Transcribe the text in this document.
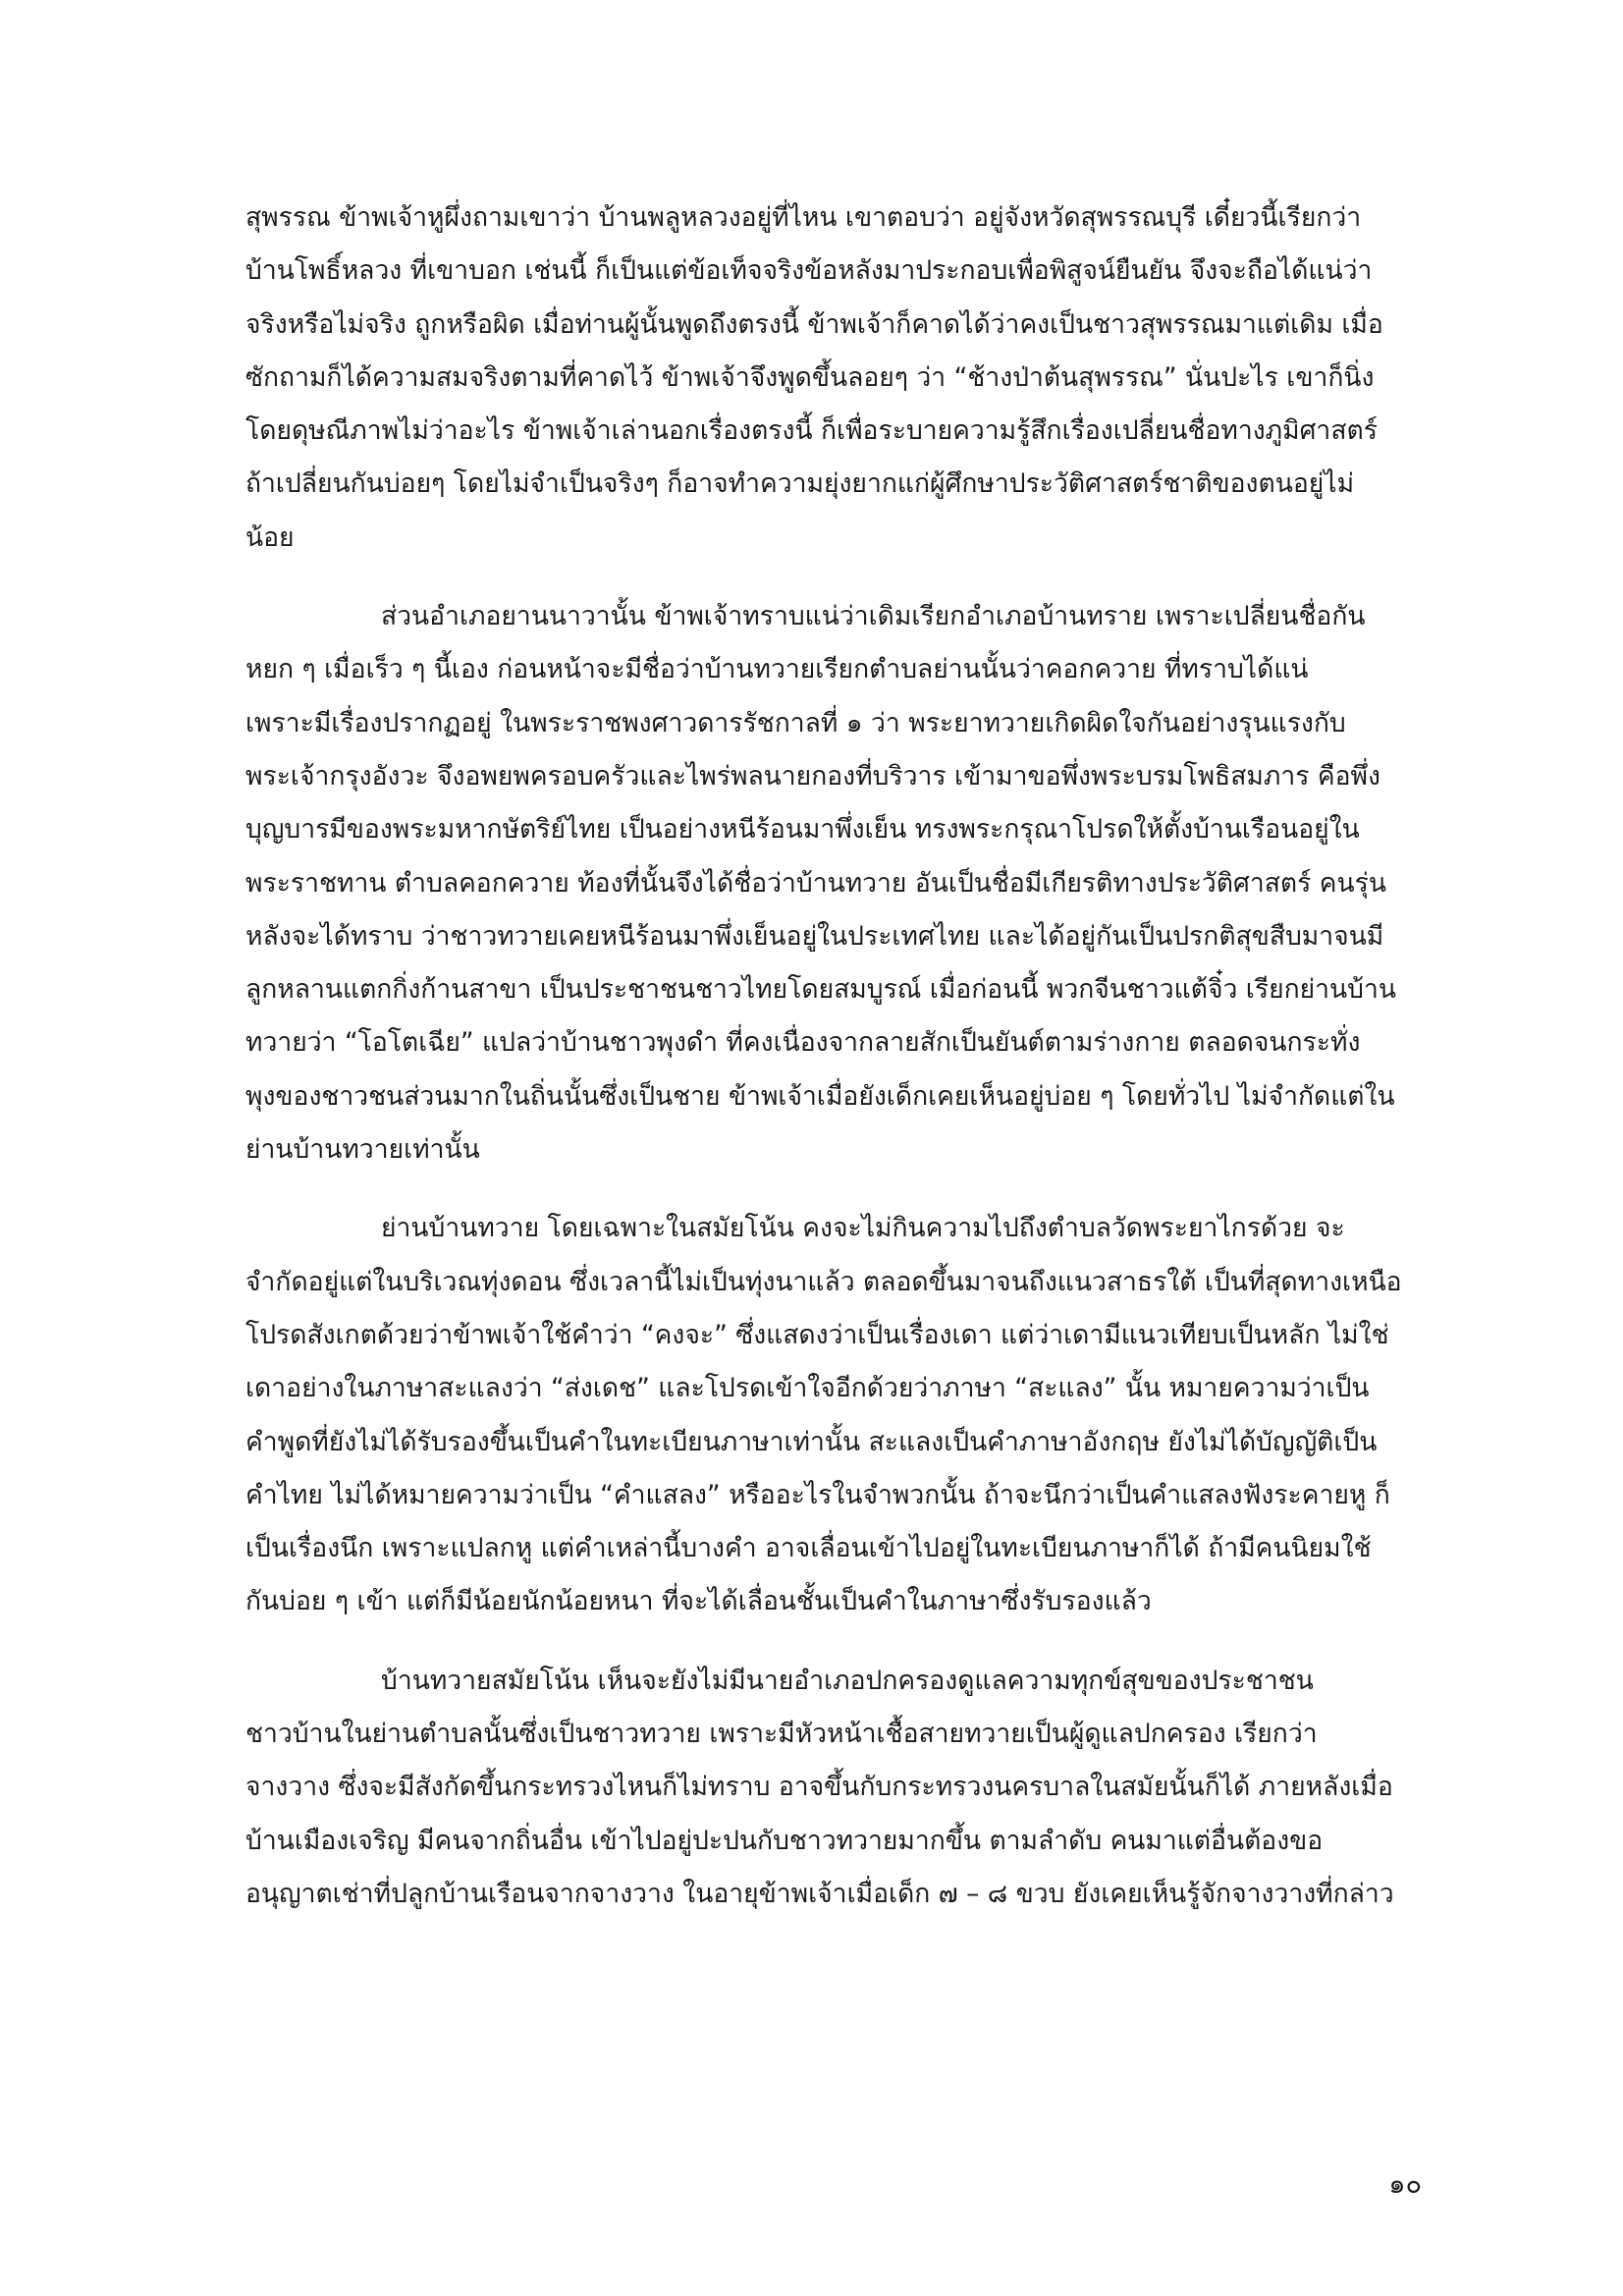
สุพรรณ ข้าพเจ้าหูผึ่งถามเขาว่า บ้านพลูหลวงอยู่ที่ไหน เขาตอบว่า อยู่จังหวัดสุพรรณบุรี เดี๋ยวนี้เรียกว่า
บ้านโพธิ์หลวง ที่เขาบอก เช่นนี้ ก็เป็นแต่ข้อเท็จจริงข้อหลังมาประกอบเพื่อพิสูจน์ยืนยัน จึงจะถือได้แน่ว่า
จริงหรือไม่จริง ถูกหรือผิด เมื่อท่านผู้นั้นพูดถึงตรงนี้ ข้าพเจ้าก็คาดได้ว่าคงเป็นชาวสุพรรณมาแต่เดิม เมื่อ
ซักถามก็ได้ความสมจริงตามที่คาดไว้ ข้าพเจ้าจึงพูดขึ้นลอยๆ ว่า “ช้างป่าต้นสุพรรณ” นั่นปะไร เขาก็นิ่ง
โดยดุษณีภาพไม่ว่าอะไร ข้าพเจ้าเล่านอกเรื่องตรงนี้ ก็เพื่อระบายความรู้สึกเรื่องเปลี่ยนชื่อทางภูมิศาสตร์
ถ้าเปลี่ยนกันบ่อยๆ โดยไม่จำเป็นจริงๆ ก็อาจทำความยุ่งยากแก่ผู้ศึกษาประวัติศาสตร์ชาติของตนอยู่ไม่
น้อย

ส่วนอำเภอยานนาวานั้น ข้าพเจ้าทราบแน่ว่าเดิมเรียกอำเภอบ้านทราย เพราะเปลี่ยนชื่อกัน
หยก ๆ เมื่อเร็ว ๆ นี้เอง ก่อนหน้าจะมีชื่อว่าบ้านทวายเรียกตำบลย่านนั้นว่าคอกควาย ที่ทราบได้แน่
เพราะมีเรื่องปรากฏอยู่ ในพระราชพงศาวดารรัชกาลที่ ๑ ว่า พระยาทวายเกิดผิดใจกันอย่างรุนแรงกับ
พระเจ้ากรุงอังวะ จึงอพยพครอบครัวและไพร่พลนายกองที่บริวาร เข้ามาขอพึ่งพระบรมโพธิสมภาร คือพึ่ง
บุญบารมีของพระมหากษัตริย์ไทย เป็นอย่างหนีร้อนมาพึ่งเย็น ทรงพระกรุณาโปรดให้ตั้งบ้านเรือนอยู่ใน
พระราชทาน ตำบลคอกควาย ท้องที่นั้นจึงได้ชื่อว่าบ้านทวาย อันเป็นชื่อมีเกียรติทางประวัติศาสตร์ คนรุ่น
หลังจะได้ทราบ ว่าชาวทวายเคยหนีร้อนมาพึ่งเย็นอยู่ในประเทศไทย และได้อยู่กันเป็นปรกติสุขสืบมาจนมี
ลูกหลานแตกกิ่งก้านสาขา เป็นประชาชนชาวไทยโดยสมบูรณ์ เมื่อก่อนนี้ พวกจีนชาวแต้จิ๋ว เรียกย่านบ้าน
ทวายว่า “โอโตเฉีย” แปลว่าบ้านชาวพุงดำ ที่คงเนื่องจากลายสักเป็นยันต์ตามร่างกาย ตลอดจนกระทั่ง
พุงของชาวชนส่วนมากในถิ่นนั้นซึ่งเป็นชาย ข้าพเจ้าเมื่อยังเด็กเคยเห็นอยู่บ่อย ๆ โดยทั่วไป ไม่จำกัดแต่ใน
ย่านบ้านทวายเท่านั้น

ย่านบ้านทวาย โดยเฉพาะในสมัยโน้น คงจะไม่กินความไปถึงตำบลวัดพระยาไกรด้วย จะ
จำกัดอยู่แต่ในบริเวณทุ่งดอน ซึ่งเวลานี้ไม่เป็นทุ่งนาแล้ว ตลอดขึ้นมาจนถึงแนวสาธรใต้ เป็นที่สุดทางเหนือ
โปรดสังเกตด้วยว่าข้าพเจ้าใช้คำว่า “คงจะ” ซึ่งแสดงว่าเป็นเรื่องเดา แต่ว่าเดามีแนวเทียบเป็นหลัก ไม่ใช่
เดาอย่างในภาษาสะแลงว่า “ส่งเดช” และโปรดเข้าใจอีกด้วยว่าภาษา “สะแลง” นั้น หมายความว่าเป็น
คำพูดที่ยังไม่ได้รับรองขึ้นเป็นคำในทะเบียนภาษาเท่านั้น สะแลงเป็นคำภาษาอังกฤษ ยังไม่ได้บัญญัติเป็น
คำไทย ไม่ได้หมายความว่าเป็น “คำแสลง” หรืออะไรในจำพวกนั้น ถ้าจะนึกว่าเป็นคำแสลงฟังระคายหู ก็
เป็นเรื่องนึก เพราะแปลกหู แต่คำเหล่านี้บางคำ อาจเลื่อนเข้าไปอยู่ในทะเบียนภาษาก็ได้ ถ้ามีคนนิยมใช้
กันบ่อย ๆ เข้า แต่ก็มีน้อยนักน้อยหนา ที่จะได้เลื่อนชั้นเป็นคำในภาษาซึ่งรับรองแล้ว

บ้านทวายสมัยโน้น เห็นจะยังไม่มีนายอำเภอปกครองดูแลความทุกข์สุขของประชาชน
ชาวบ้านในย่านตำบลนั้นซึ่งเป็นชาวทวาย เพราะมีหัวหน้าเชื้อสายทวายเป็นผู้ดูแลปกครอง เรียกว่า
จางวาง ซึ่งจะมีสังกัดขึ้นกระทรวงไหนก็ไม่ทราบ อาจขึ้นกับกระทรวงนครบาลในสมัยนั้นก็ได้ ภายหลังเมื่อ
บ้านเมืองเจริญ มีคนจากถิ่นอื่น เข้าไปอยู่ปะปนกับชาวทวายมากขึ้น ตามลำดับ คนมาแต่อื่นต้องขอ
อนุญาตเช่าที่ปลูกบ้านเรือนจากจางวาง ในอายุข้าพเจ้าเมื่อเด็ก ๗ – ๘ ขวบ ยังเคยเห็นรู้จักจางวางที่กล่าว

๑๐
